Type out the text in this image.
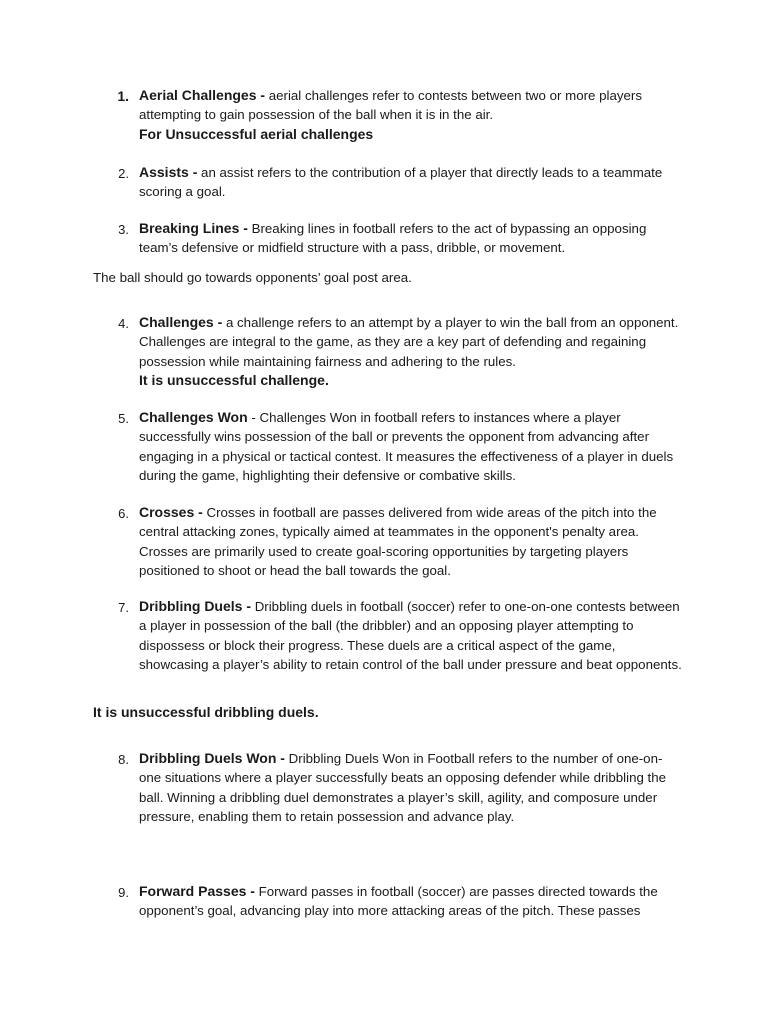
1. Aerial Challenges - aerial challenges refer to contests between two or more players attempting to gain possession of the ball when it is in the air.
For Unsuccessful aerial challenges
2. Assists - an assist refers to the contribution of a player that directly leads to a teammate scoring a goal.
3. Breaking Lines - Breaking lines in football refers to the act of bypassing an opposing team’s defensive or midfield structure with a pass, dribble, or movement.
The ball should go towards opponents’ goal post area.
4. Challenges - a challenge refers to an attempt by a player to win the ball from an opponent. Challenges are integral to the game, as they are a key part of defending and regaining possession while maintaining fairness and adhering to the rules.
It is unsuccessful challenge.
5. Challenges Won - Challenges Won in football refers to instances where a player successfully wins possession of the ball or prevents the opponent from advancing after engaging in a physical or tactical contest. It measures the effectiveness of a player in duels during the game, highlighting their defensive or combative skills.
6. Crosses - Crosses in football are passes delivered from wide areas of the pitch into the central attacking zones, typically aimed at teammates in the opponent's penalty area. Crosses are primarily used to create goal-scoring opportunities by targeting players positioned to shoot or head the ball towards the goal.
7. Dribbling Duels - Dribbling duels in football (soccer) refer to one-on-one contests between a player in possession of the ball (the dribbler) and an opposing player attempting to dispossess or block their progress. These duels are a critical aspect of the game, showcasing a player’s ability to retain control of the ball under pressure and beat opponents.
It is unsuccessful dribbling duels.
8. Dribbling Duels Won - Dribbling Duels Won in Football refers to the number of one-on-one situations where a player successfully beats an opposing defender while dribbling the ball. Winning a dribbling duel demonstrates a player’s skill, agility, and composure under pressure, enabling them to retain possession and advance play.
9. Forward Passes - Forward passes in football (soccer) are passes directed towards the opponent’s goal, advancing play into more attacking areas of the pitch. These passes
